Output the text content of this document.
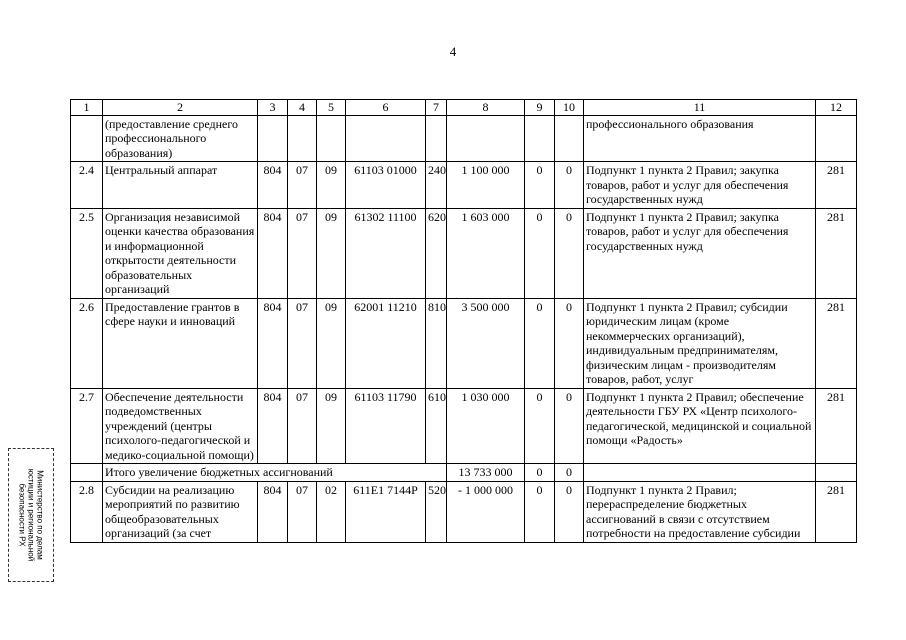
4
1	2	3	4	5	6	7	8	9	10	11	12
	(предоставление среднего профессионального образования)									профессионального образования	
2.4	Центральный аппарат	804	07	09	61103 01000	240	1 100 000	0	0	Подпункт 1 пункта 2 Правил; закупка товаров, работ и услуг для обеспечения государственных нужд	281
2.5	Организация независимой оценки качества образования и информационной открытости деятельности образовательных организаций	804	07	09	61302 11100	620	1 603 000	0	0	Подпункт 1 пункта 2 Правил; закупка товаров, работ и услуг для обеспечения государственных нужд	281
2.6	Предоставление грантов в сфере науки и инноваций	804	07	09	62001 11210	810	3 500 000	0	0	Подпункт 1 пункта 2 Правил; субсидии юридическим лицам (кроме некоммерческих организаций), индивидуальным предпринимателям, физическим лицам - производителям товаров, работ, услуг	281
2.7	Обеспечение деятельности подведомственных учреждений (центры психолого-педагогической и медико-социальной помощи)	804	07	09	61103 11790	610	1 030 000	0	0	Подпункт 1 пункта 2 Правил; обеспечение деятельности ГБУ РХ «Центр психолого-педагогической, медицинской и социальной помощи «Радость»	281
	Итого увеличение бюджетных ассигнований						13 733 000	0	0		
2.8	Субсидии на реализацию мероприятий по развитию общеобразовательных организаций (за счет	804	07	02	611E1 7144P	520	- 1 000 000	0	0	Подпункт 1 пункта 2 Правил; перераспределение бюджетных ассигнований в связи с отсутствием потребности на предоставление субсидии	281
Министерство по делам
юстиции и региональной
безопасности РХ
